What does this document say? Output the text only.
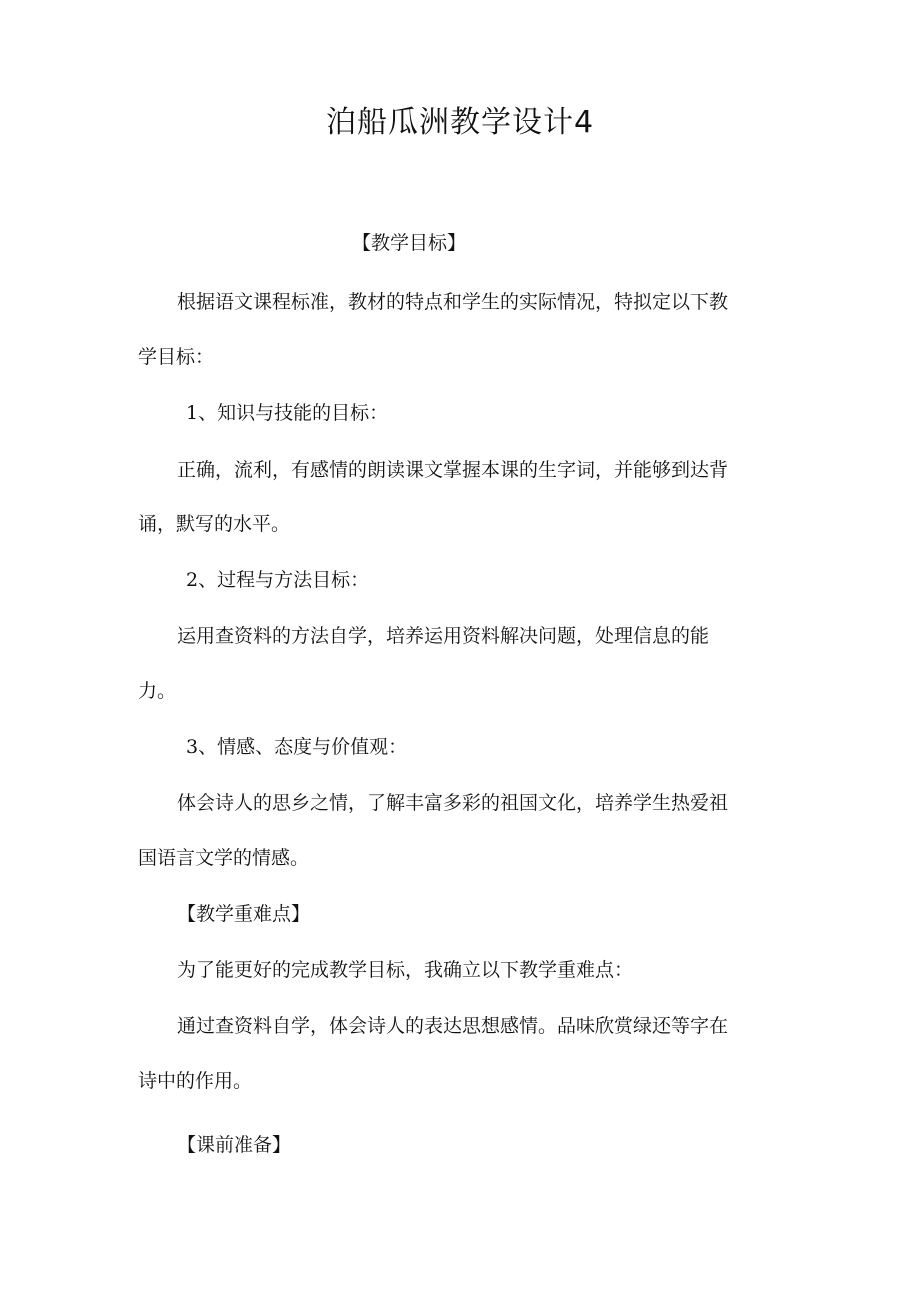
泊船瓜洲教学设计4

【教学目标】

根据语文课程标准，教材的特点和学生的实际情况，特拟定以下教

学目标：

1、知识与技能的目标：

正确，流利，有感情的朗读课文掌握本课的生字词，并能够到达背

诵，默写的水平。

2、过程与方法目标：

运用查资料的方法自学，培养运用资料解决问题，处理信息的能

力。

3、情感、态度与价值观：

体会诗人的思乡之情，了解丰富多彩的祖国文化，培养学生热爱祖

国语言文学的情感。

【教学重难点】

为了能更好的完成教学目标，我确立以下教学重难点：

通过查资料自学，体会诗人的表达思想感情。品味欣赏绿还等字在

诗中的作用。

【课前准备】
